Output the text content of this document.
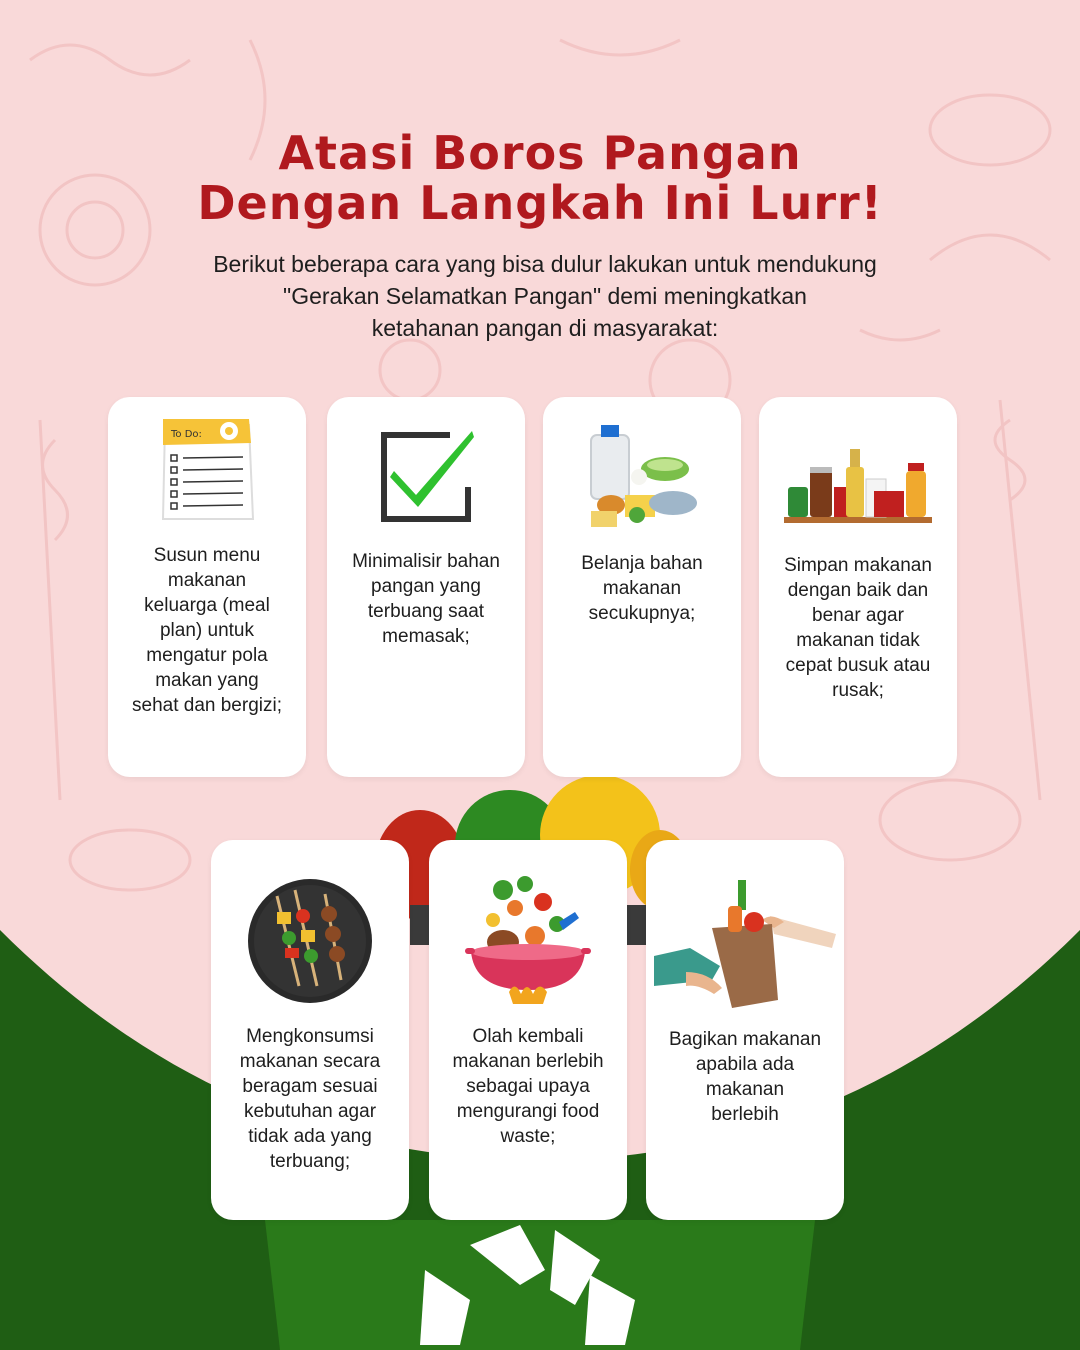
Atasi Boros Pangan
Dengan Langkah Ini Lurr!
Berikut beberapa cara yang bisa dulur lakukan untuk mendukung
"Gerakan Selamatkan Pangan" demi meningkatkan
ketahanan pangan di masyarakat:
To Do:
Susun menu
makanan
keluarga (meal
plan) untuk
mengatur pola
makan yang
sehat dan bergizi;
Minimalisir bahan
pangan yang
terbuang saat
memasak;
Belanja bahan
makanan
secukupnya;
Simpan makanan
dengan baik dan
benar agar
makanan tidak
cepat busuk atau
rusak;
Mengkonsumsi
makanan secara
beragam sesuai
kebutuhan agar
tidak ada yang
terbuang;
Olah kembali
makanan berlebih
sebagai upaya
mengurangi food
waste;
Bagikan makanan
apabila ada
makanan
berlebih
